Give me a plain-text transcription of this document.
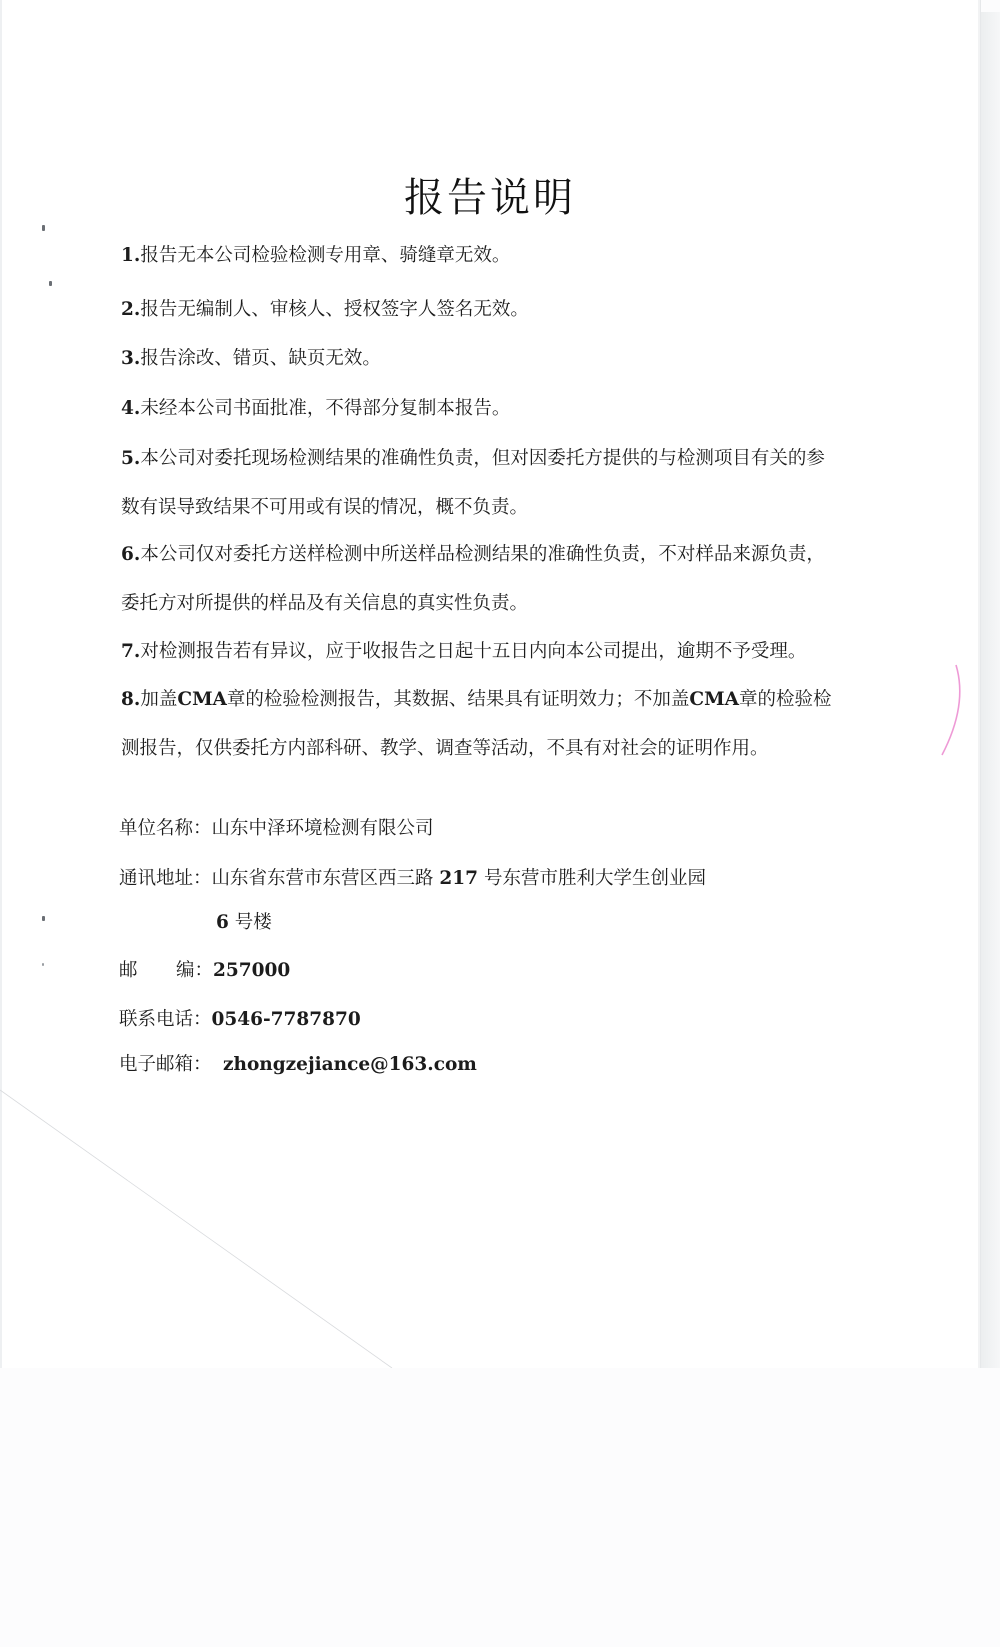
报告说明
1.报告无本公司检验检测专用章、骑缝章无效。
2.报告无编制人、审核人、授权签字人签名无效。
3.报告涂改、错页、缺页无效。
4.未经本公司书面批准，不得部分复制本报告。
5.本公司对委托现场检测结果的准确性负责，但对因委托方提供的与检测项目有关的参
数有误导致结果不可用或有误的情况，概不负责。
6.本公司仅对委托方送样检测中所送样品检测结果的准确性负责，不对样品来源负责，
委托方对所提供的样品及有关信息的真实性负责。
7.对检测报告若有异议，应于收报告之日起十五日内向本公司提出，逾期不予受理。
8.加盖CMA章的检验检测报告，其数据、结果具有证明效力；不加盖CMA章的检验检
测报告，仅供委托方内部科研、教学、调查等活动，不具有对社会的证明作用。
单位名称：山东中泽环境检测有限公司
通讯地址：山东省东营市东营区西三路 217 号东营市胜利大学生创业园
6 号楼
邮 编：257000
联系电话：0546-7787870
电子邮箱： zhongzejiance@163.com
